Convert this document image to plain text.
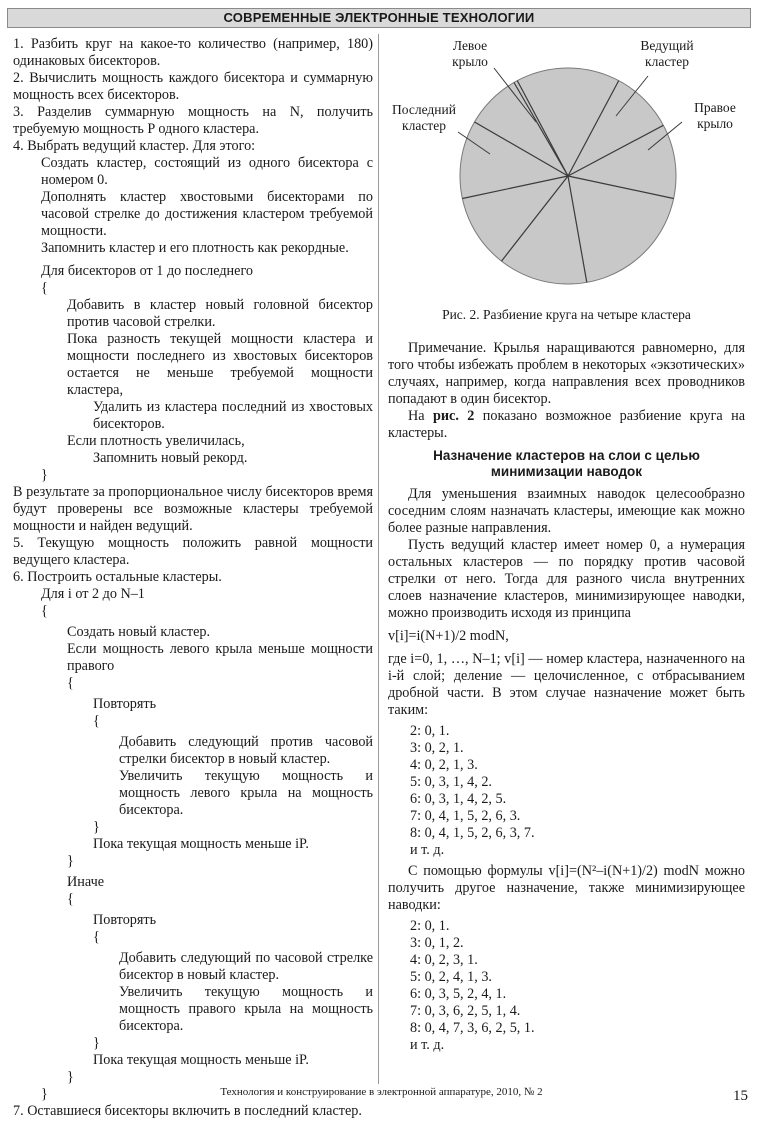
СОВРЕМЕННЫЕ ЭЛЕКТРОННЫЕ ТЕХНОЛОГИИ

1. Разбить круг на какое-то количество (например, 180) одинаковых бисекторов.

2. Вычислить мощность каждого бисектора и суммарную мощность всех бисекторов.

3. Разделив суммарную мощность на N, получить требуемую мощность P одного кластера.

4. Выбрать ведущий кластер. Для этого:

Создать кластер, состоящий из одного бисектора с номером 0.

Дополнять кластер хвостовыми бисекторами по часовой стрелке до достижения кластером требуемой мощности.

Запомнить кластер и его плотность как рекордные.

Для бисекторов от 1 до последнего

{

Добавить в кластер новый головной бисектор против часовой стрелки.

Пока разность текущей мощности кластера и мощности последнего из хвостовых бисекторов остается не меньше требуемой мощности кластера,

Удалить из кластера последний из хвостовых бисекторов.

Если плотность увеличилась,

Запомнить новый рекорд.

}

В результате за пропорциональное числу бисекторов время будут проверены все возможные кластеры требуемой мощности и найден ведущий.

5. Текущую мощность положить равной мощности ведущего кластера.

6. Построить остальные кластеры.

Для i от 2 до N–1

{

Создать новый кластер.

Если мощность левого крыла меньше мощности правого

{

Повторять

{

Добавить следующий против часовой стрелки бисектор в новый кластер.

Увеличить текущую мощность и мощность левого крыла на мощность бисектора.

}

Пока текущая мощность меньше iP.

}

Иначе

{

Повторять

{

Добавить следующий по часовой стрелке бисектор в новый кластер.

Увеличить текущую мощность и мощность правого крыла на мощность бисектора.

}

Пока текущая мощность меньше iP.

}

}

7. Оставшиеся бисекторы включить в последний кластер.

Левое крыло
Ведущий кластер
Правое крыло
Последний кластер
Рис. 2. Разбиение круга на четыре кластера

Примечание. Крылья наращиваются равномерно, для того чтобы избежать проблем в некоторых «экзотических» случаях, например, когда направления всех проводников попадают в один бисектор.

На рис. 2 показано возможное разбиение круга на кластеры.

Назначение кластеров на слои с целью минимизации наводок

Для уменьшения взаимных наводок целесообразно соседним слоям назначать кластеры, имеющие как можно более разные направления.

Пусть ведущий кластер имеет номер 0, а нумерация остальных кластеров — по порядку против часовой стрелки от него. Тогда для разного числа внутренних слоев назначение кластеров, минимизирующее наводки, можно производить исходя из принципа

v[i]=i(N+1)/2 modN,

где i=0, 1, …, N–1; v[i] — номер кластера, назначенного на i-й слой; деление — целочисленное, с отбрасыванием дробной части. В этом случае назначение может быть таким:

2: 0, 1.

3: 0, 2, 1.

4: 0, 2, 1, 3.

5: 0, 3, 1, 4, 2.

6: 0, 3, 1, 4, 2, 5.

7: 0, 4, 1, 5, 2, 6, 3.

8: 0, 4, 1, 5, 2, 6, 3, 7.

и т. д.

С помощью формулы v[i]=(N²–i(N+1)/2) modN можно получить другое назначение, также минимизирующее наводки:

2: 0, 1.

3: 0, 1, 2.

4: 0, 2, 3, 1.

5: 0, 2, 4, 1, 3.

6: 0, 3, 5, 2, 4, 1.

7: 0, 3, 6, 2, 5, 1, 4.

8: 0, 4, 7, 3, 6, 2, 5, 1.

и т. д.

Технология и конструирование в электронной аппаратуре, 2010, № 2	15
